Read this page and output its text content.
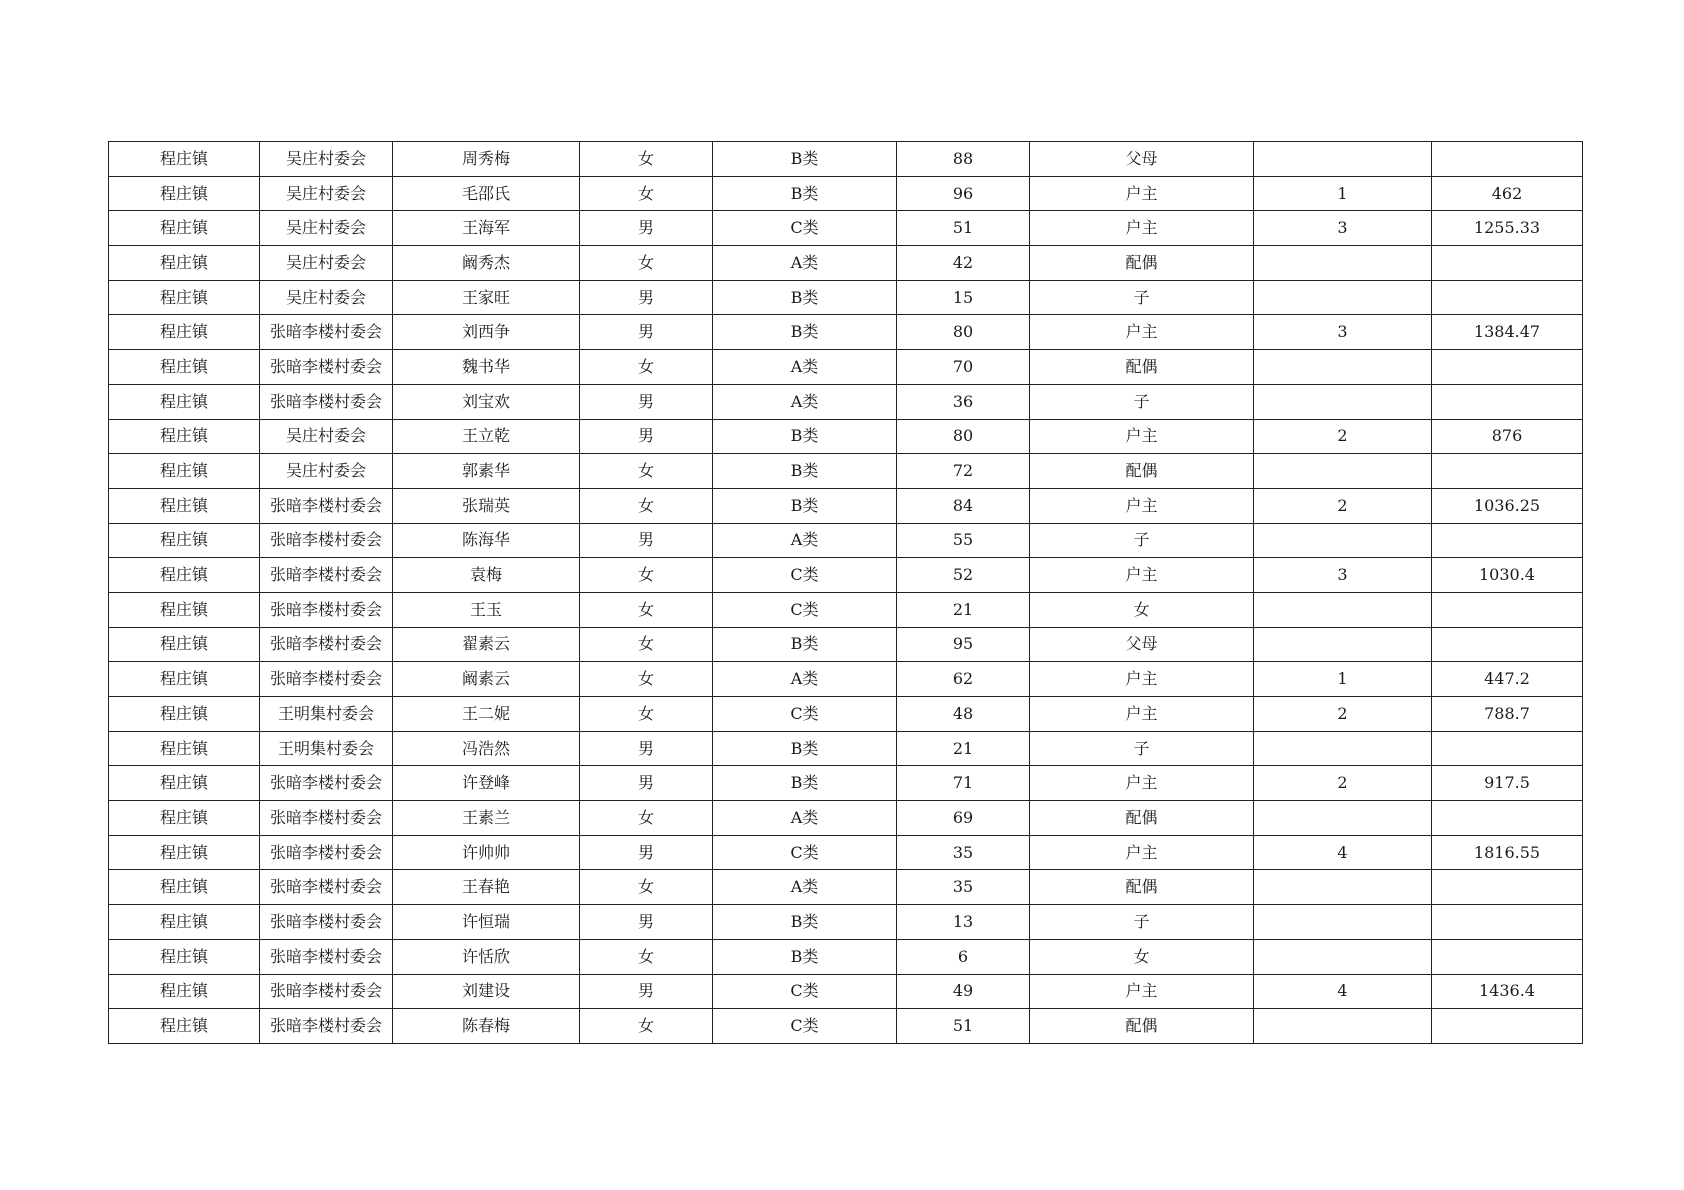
程庄镇	吴庄村委会	周秀梅	女	B类	88	父母		
程庄镇	吴庄村委会	毛邵氏	女	B类	96	户主	1	462
程庄镇	吴庄村委会	王海军	男	C类	51	户主	3	1255.33
程庄镇	吴庄村委会	阚秀杰	女	A类	42	配偶		
程庄镇	吴庄村委会	王家旺	男	B类	15	子		
程庄镇	张暗李楼村委会	刘西争	男	B类	80	户主	3	1384.47
程庄镇	张暗李楼村委会	魏书华	女	A类	70	配偶		
程庄镇	张暗李楼村委会	刘宝欢	男	A类	36	子		
程庄镇	吴庄村委会	王立乾	男	B类	80	户主	2	876
程庄镇	吴庄村委会	郭素华	女	B类	72	配偶		
程庄镇	张暗李楼村委会	张瑞英	女	B类	84	户主	2	1036.25
程庄镇	张暗李楼村委会	陈海华	男	A类	55	子		
程庄镇	张暗李楼村委会	袁梅	女	C类	52	户主	3	1030.4
程庄镇	张暗李楼村委会	王玉	女	C类	21	女		
程庄镇	张暗李楼村委会	翟素云	女	B类	95	父母		
程庄镇	张暗李楼村委会	阚素云	女	A类	62	户主	1	447.2
程庄镇	王明集村委会	王二妮	女	C类	48	户主	2	788.7
程庄镇	王明集村委会	冯浩然	男	B类	21	子		
程庄镇	张暗李楼村委会	许登峰	男	B类	71	户主	2	917.5
程庄镇	张暗李楼村委会	王素兰	女	A类	69	配偶		
程庄镇	张暗李楼村委会	许帅帅	男	C类	35	户主	4	1816.55
程庄镇	张暗李楼村委会	王春艳	女	A类	35	配偶		
程庄镇	张暗李楼村委会	许恒瑞	男	B类	13	子		
程庄镇	张暗李楼村委会	许恬欣	女	B类	6	女		
程庄镇	张暗李楼村委会	刘建设	男	C类	49	户主	4	1436.4
程庄镇	张暗李楼村委会	陈春梅	女	C类	51	配偶		
